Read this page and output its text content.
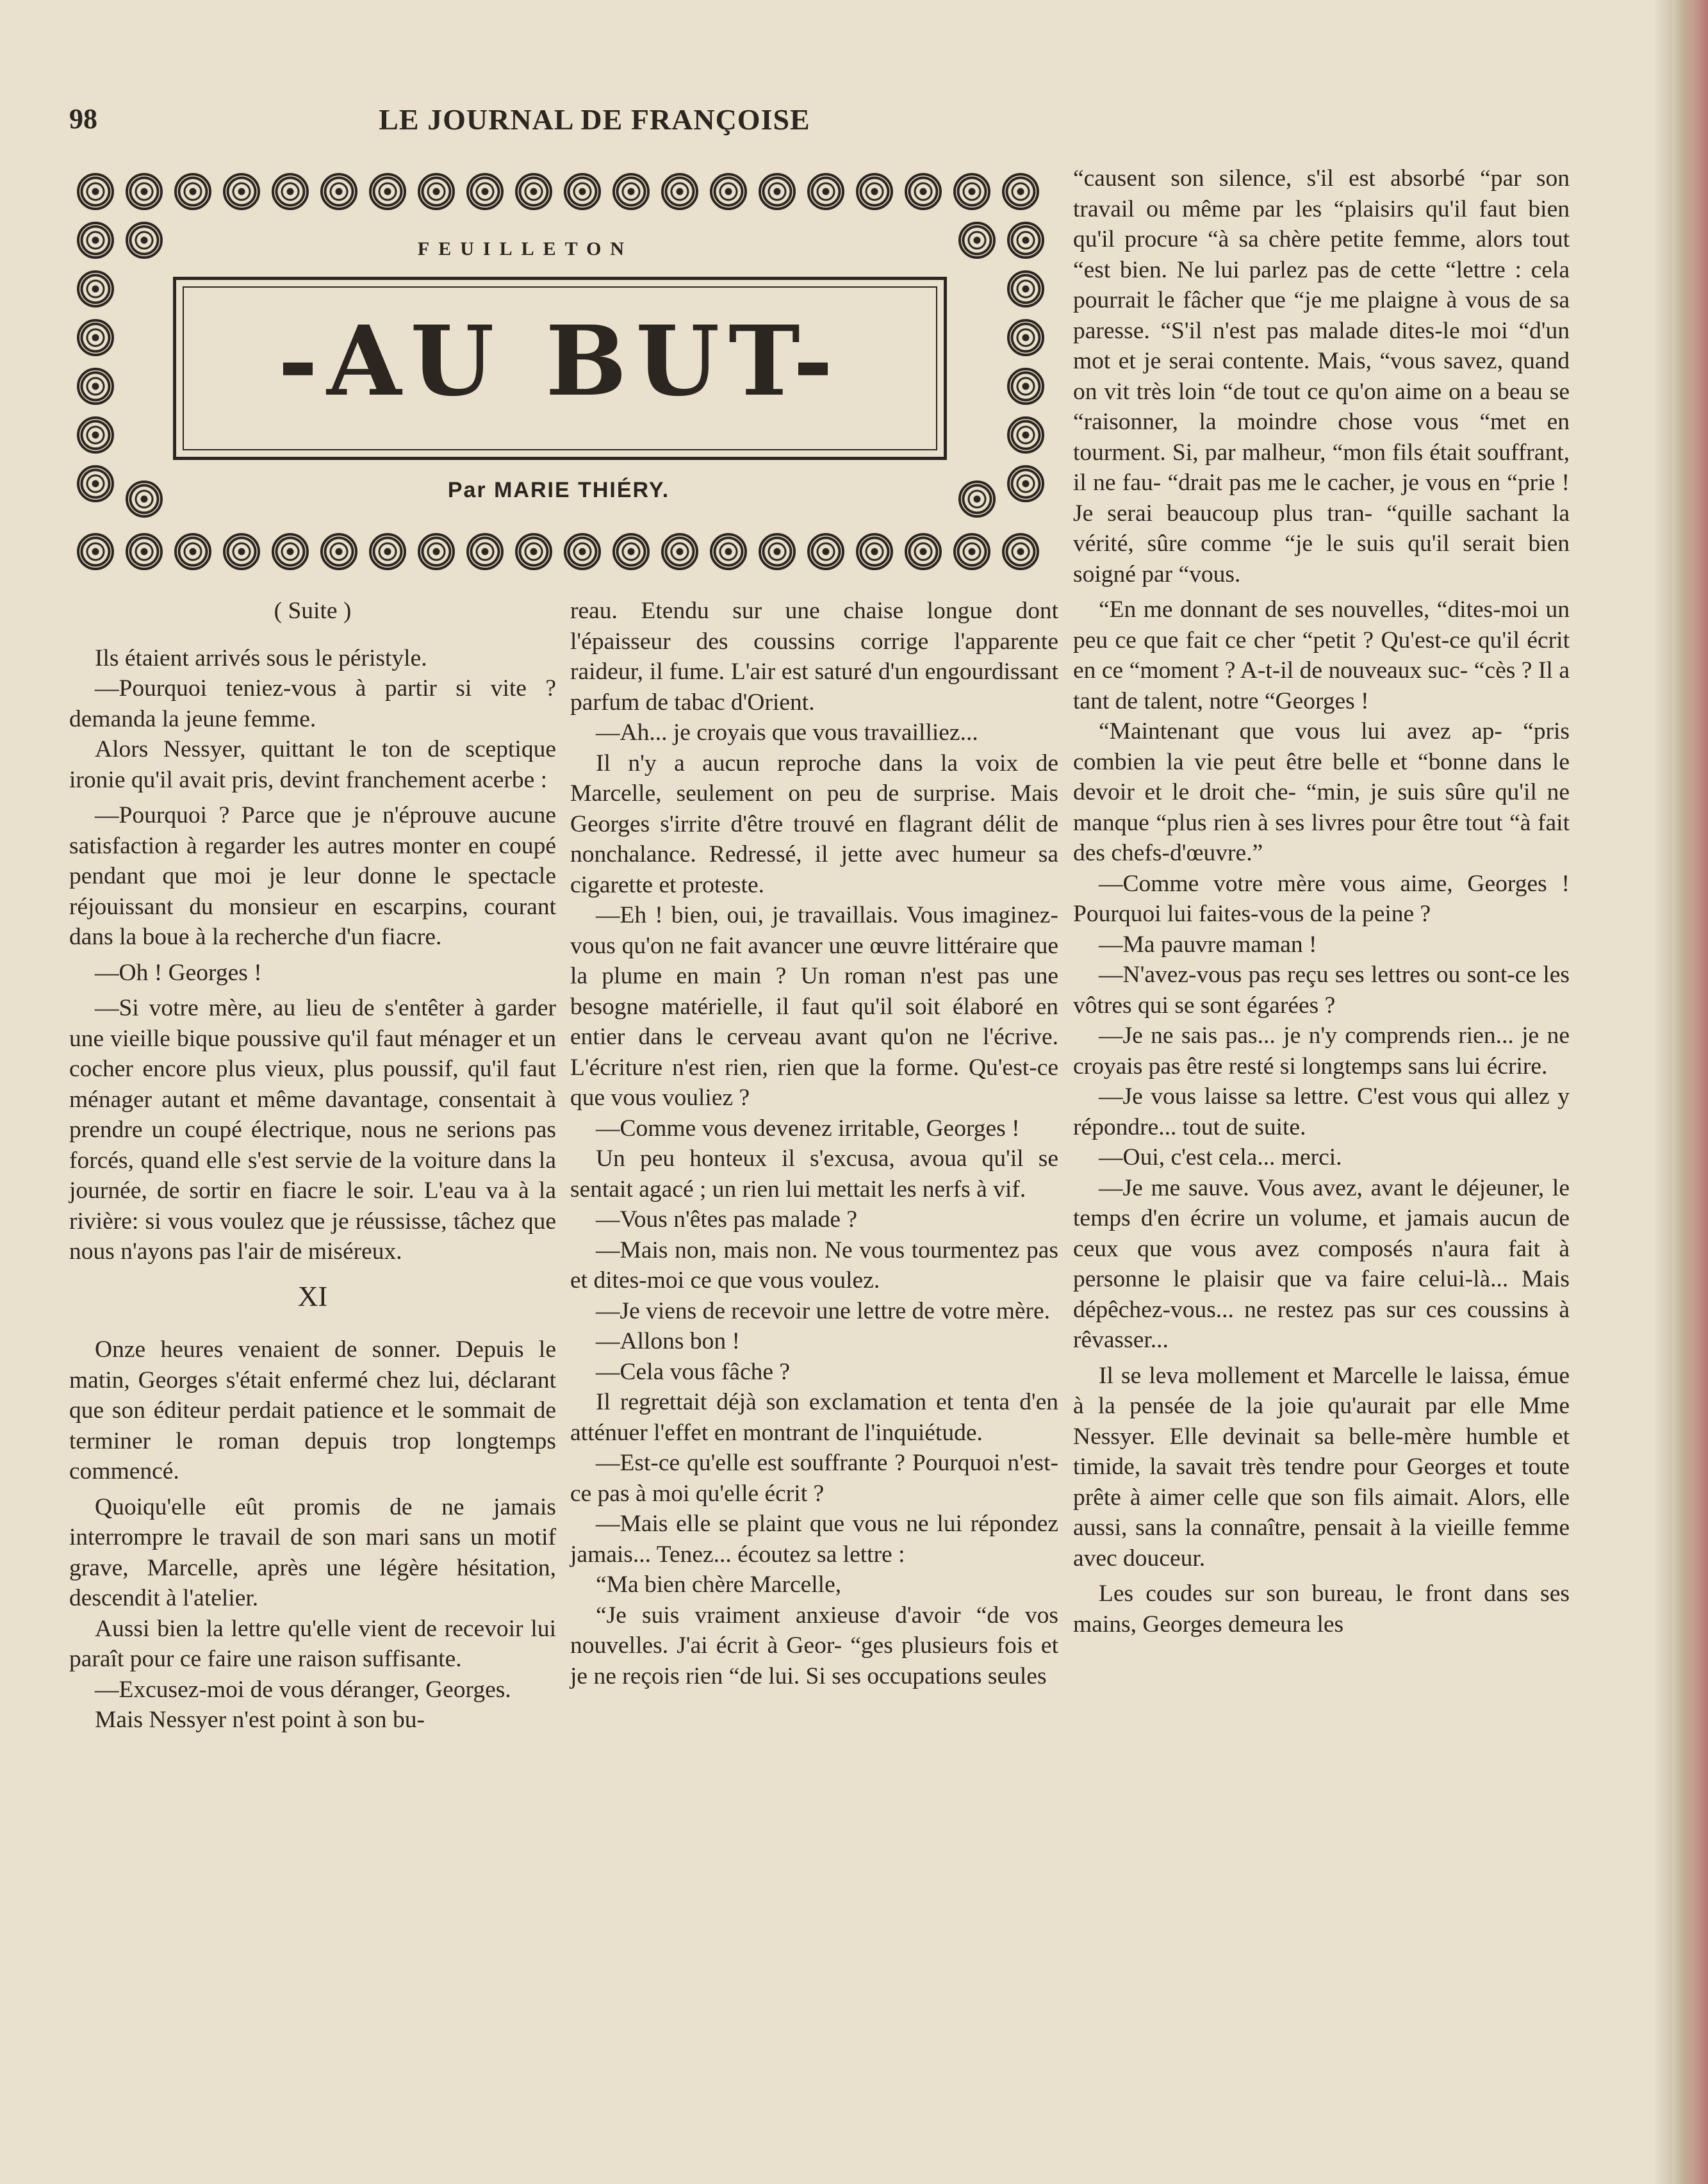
98	LE JOURNAL DE FRANÇOISE
FEUILLETON
-AU BUT-
Par MARIE THIÉRY.

( Suite )

Ils étaient arrivés sous le péristyle.

—Pourquoi teniez-vous à partir si vite ? demanda la jeune femme.

Alors Nessyer, quittant le ton de sceptique ironie qu'il avait pris, devint franchement acerbe :

—Pourquoi ? Parce que je n'éprouve aucune satisfaction à regarder les autres monter en coupé pendant que moi je leur donne le spectacle réjouissant du monsieur en escarpins, courant dans la boue à la recherche d'un fiacre.

—Oh ! Georges !

—Si votre mère, au lieu de s'entêter à garder une vieille bique poussive qu'il faut ménager et un cocher encore plus vieux, plus poussif, qu'il faut ménager autant et même davantage, consentait à prendre un coupé électrique, nous ne serions pas forcés, quand elle s'est servie de la voiture dans la journée, de sortir en fiacre le soir. L'eau va à la rivière: si vous voulez que je réussisse, tâchez que nous n'ayons pas l'air de miséreux.

XI

Onze heures venaient de sonner. Depuis le matin, Georges s'était enfermé chez lui, déclarant que son éditeur perdait patience et le sommait de terminer le roman depuis trop longtemps commencé.

Quoiqu'elle eût promis de ne jamais interrompre le travail de son mari sans un motif grave, Marcelle, après une légère hésitation, descendit à l'atelier.

Aussi bien la lettre qu'elle vient de recevoir lui paraît pour ce faire une raison suffisante.

—Excusez-moi de vous déranger, Georges.

Mais Nessyer n'est point à son bu-

reau. Etendu sur une chaise longue dont l'épaisseur des coussins corrige l'apparente raideur, il fume. L'air est saturé d'un engourdissant parfum de tabac d'Orient.

—Ah... je croyais que vous travailliez...

Il n'y a aucun reproche dans la voix de Marcelle, seulement on peu de surprise. Mais Georges s'irrite d'être trouvé en flagrant délit de nonchalance. Redressé, il jette avec humeur sa cigarette et proteste.

—Eh ! bien, oui, je travaillais. Vous imaginez-vous qu'on ne fait avancer une œuvre littéraire que la plume en main ? Un roman n'est pas une besogne matérielle, il faut qu'il soit élaboré en entier dans le cerveau avant qu'on ne l'écrive. L'écriture n'est rien, rien que la forme. Qu'est-ce que vous vouliez ?

—Comme vous devenez irritable, Georges !

Un peu honteux il s'excusa, avoua qu'il se sentait agacé ; un rien lui mettait les nerfs à vif.

—Vous n'êtes pas malade ?

—Mais non, mais non. Ne vous tourmentez pas et dites-moi ce que vous voulez.

—Je viens de recevoir une lettre de votre mère.

—Allons bon !

—Cela vous fâche ?

Il regrettait déjà son exclamation et tenta d'en atténuer l'effet en montrant de l'inquiétude.

—Est-ce qu'elle est souffrante ? Pourquoi n'est-ce pas à moi qu'elle écrit ?

—Mais elle se plaint que vous ne lui répondez jamais... Tenez... écoutez sa lettre :

“Ma bien chère Marcelle,

“Je suis vraiment anxieuse d'avoir “de vos nouvelles. J'ai écrit à Geor- “ges plusieurs fois et je ne reçois rien “de lui. Si ses occupations seules

“causent son silence, s'il est absorbé “par son travail ou même par les “plaisirs qu'il faut bien qu'il procure “à sa chère petite femme, alors tout “est bien. Ne lui parlez pas de cette “lettre : cela pourrait le fâcher que “je me plaigne à vous de sa paresse. “S'il n'est pas malade dites-le moi “d'un mot et je serai contente. Mais, “vous savez, quand on vit très loin “de tout ce qu'on aime on a beau se “raisonner, la moindre chose vous “met en tourment. Si, par malheur, “mon fils était souffrant, il ne fau- “drait pas me le cacher, je vous en “prie ! Je serai beaucoup plus tran- “quille sachant la vérité, sûre comme “je le suis qu'il serait bien soigné par “vous.

“En me donnant de ses nouvelles, “dites-moi un peu ce que fait ce cher “petit ? Qu'est-ce qu'il écrit en ce “moment ? A-t-il de nouveaux suc- “cès ? Il a tant de talent, notre “Georges !

“Maintenant que vous lui avez ap- “pris combien la vie peut être belle et “bonne dans le devoir et le droit che- “min, je suis sûre qu'il ne manque “plus rien à ses livres pour être tout “à fait des chefs-d'œuvre.”

—Comme votre mère vous aime, Georges ! Pourquoi lui faites-vous de la peine ?

—Ma pauvre maman !

—N'avez-vous pas reçu ses lettres ou sont-ce les vôtres qui se sont égarées ?

—Je ne sais pas... je n'y comprends rien... je ne croyais pas être resté si longtemps sans lui écrire.

—Je vous laisse sa lettre. C'est vous qui allez y répondre... tout de suite.

—Oui, c'est cela... merci.

—Je me sauve. Vous avez, avant le déjeuner, le temps d'en écrire un volume, et jamais aucun de ceux que vous avez composés n'aura fait à personne le plaisir que va faire celui-là... Mais dépêchez-vous... ne restez pas sur ces coussins à rêvasser...

Il se leva mollement et Marcelle le laissa, émue à la pensée de la joie qu'aurait par elle Mme Nessyer. Elle devinait sa belle-mère humble et timide, la savait très tendre pour Georges et toute prête à aimer celle que son fils aimait. Alors, elle aussi, sans la connaître, pensait à la vieille femme avec douceur.

Les coudes sur son bureau, le front dans ses mains, Georges demeura les
